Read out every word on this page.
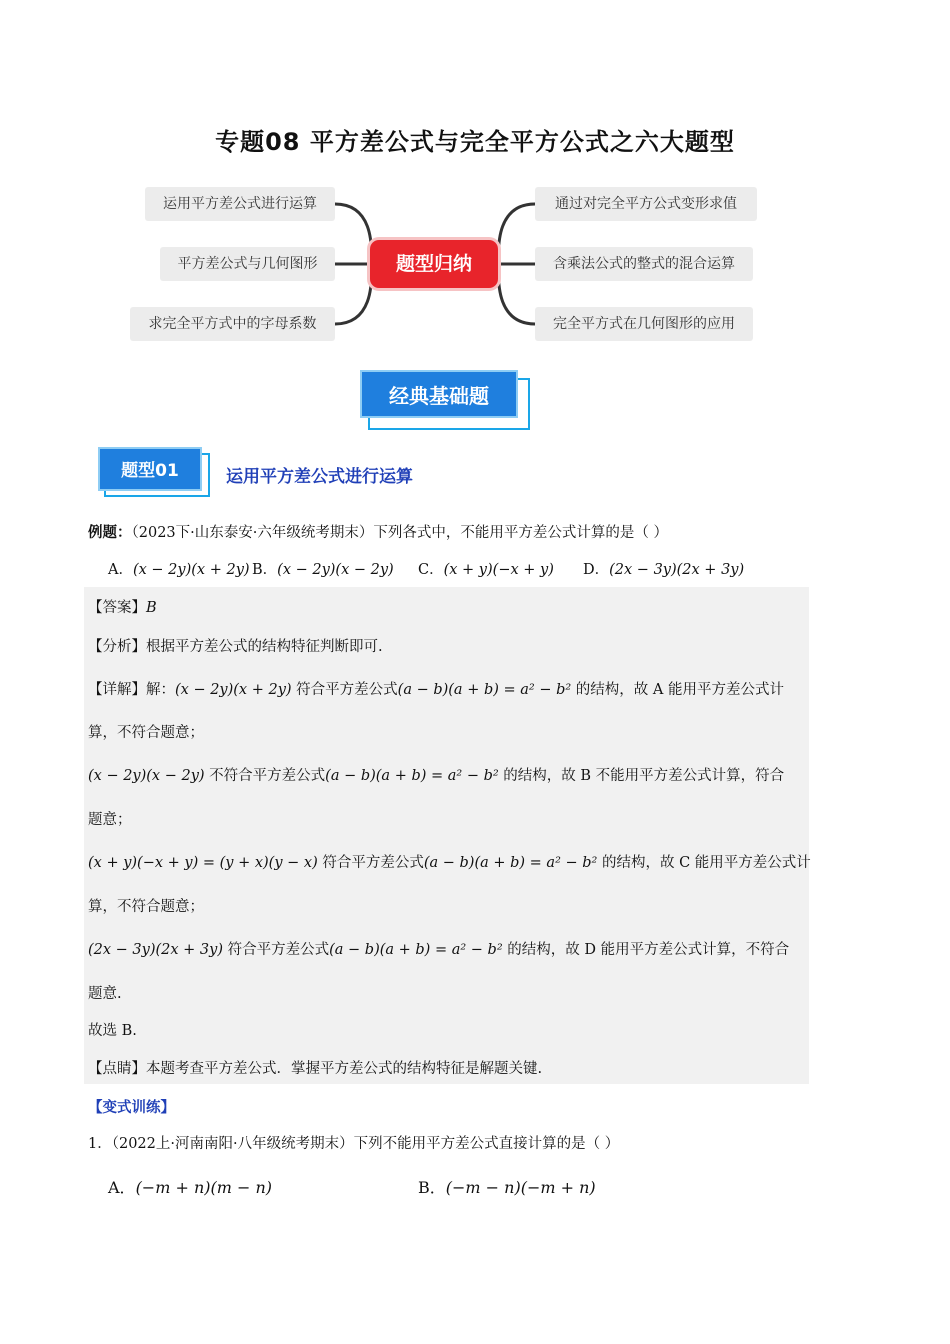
专题08 平方差公式与完全平方公式之六大题型
运用平方差公式进行运算
平方差公式与几何图形
求完全平方式中的字母系数
通过对完全平方公式变形求值
含乘法公式的整式的混合运算
完全平方式在几何图形的应用
题型归纳
经典基础题
题型01	运用平方差公式进行运算
例题：（2023下·山东泰安·六年级统考期末）下列各式中，不能用平方差公式计算的是（ ）
A．(x − 2y)(x + 2y) B．(x − 2y)(x − 2y) C．(x + y)(−x + y) D．(2x − 3y)(2x + 3y)
【答案】B
【分析】根据平方差公式的结构特征判断即可.
【详解】解：(x − 2y)(x + 2y) 符合平方差公式(a − b)(a + b) = a² − b² 的结构，故 A 能用平方差公式计
算，不符合题意；
(x − 2y)(x − 2y) 不符合平方差公式(a − b)(a + b) = a² − b² 的结构，故 B 不能用平方差公式计算，符合
题意；
(x + y)(−x + y) = (y + x)(y − x) 符合平方差公式(a − b)(a + b) = a² − b² 的结构，故 C 能用平方差公式计
算，不符合题意；
(2x − 3y)(2x + 3y) 符合平方差公式(a − b)(a + b) = a² − b² 的结构，故 D 能用平方差公式计算，不符合
题意.
故选 B.
【点睛】本题考查平方差公式．掌握平方差公式的结构特征是解题关键.
【变式训练】
1．（2022上·河南南阳·八年级统考期末）下列不能用平方差公式直接计算的是（ ）
A．(−m + n)(m − n)	B．(−m − n)(−m + n)
